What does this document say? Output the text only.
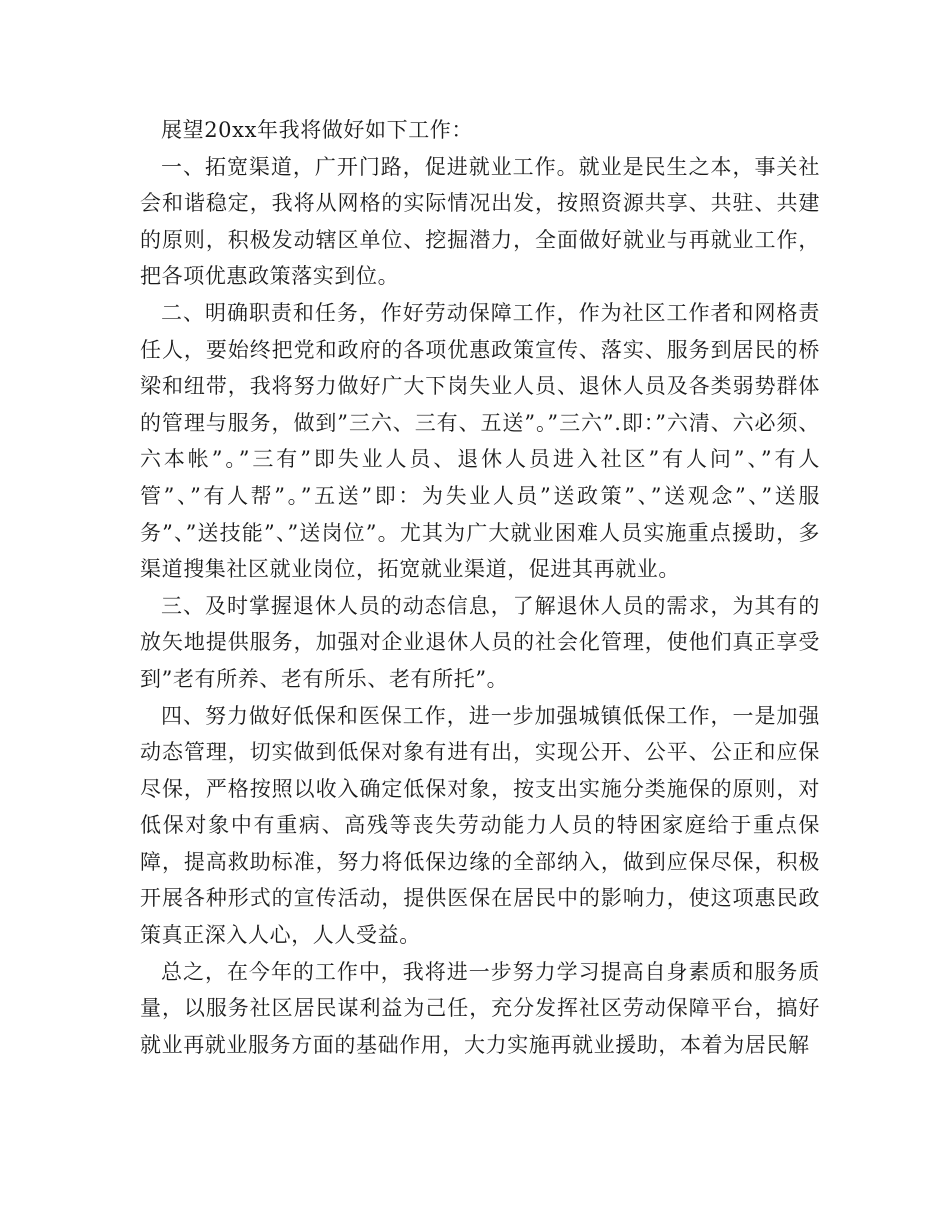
展望20xx年我将做好如下工作：

一、拓宽渠道，广开门路，促进就业工作。就业是民生之本，事关社会和谐稳定，我将从网格的实际情况出发，按照资源共享、共驻、共建的原则，积极发动辖区单位、挖掘潜力，全面做好就业与再就业工作，把各项优惠政策落实到位。

二、明确职责和任务，作好劳动保障工作，作为社区工作者和网格责任人，要始终把党和政府的各项优惠政策宣传、落实、服务到居民的桥梁和纽带，我将努力做好广大下岗失业人员、退休人员及各类弱势群体的管理与服务，做到”三六、三有、五送”。”三六”.即：”六清、六必须、六本帐”。”三有”即失业人员、退休人员进入社区”有人问”、”有人管”、”有人帮”。”五送”即：为失业人员”送政策”、”送观念”、”送服务”、”送技能”、”送岗位”。尤其为广大就业困难人员实施重点援助，多渠道搜集社区就业岗位，拓宽就业渠道，促进其再就业。

三、及时掌握退休人员的动态信息，了解退休人员的需求，为其有的放矢地提供服务，加强对企业退休人员的社会化管理，使他们真正享受到”老有所养、老有所乐、老有所托”。

四、努力做好低保和医保工作，进一步加强城镇低保工作，一是加强动态管理，切实做到低保对象有进有出，实现公开、公平、公正和应保尽保，严格按照以收入确定低保对象，按支出实施分类施保的原则，对低保对象中有重病、高残等丧失劳动能力人员的特困家庭给于重点保障，提高救助标准，努力将低保边缘的全部纳入，做到应保尽保，积极开展各种形式的宣传活动，提供医保在居民中的影响力，使这项惠民政策真正深入人心，人人受益。

总之，在今年的工作中，我将进一步努力学习提高自身素质和服务质量，以服务社区居民谋利益为己任，充分发挥社区劳动保障平台，搞好就业再就业服务方面的基础作用，大力实施再就业援助，本着为居民解
